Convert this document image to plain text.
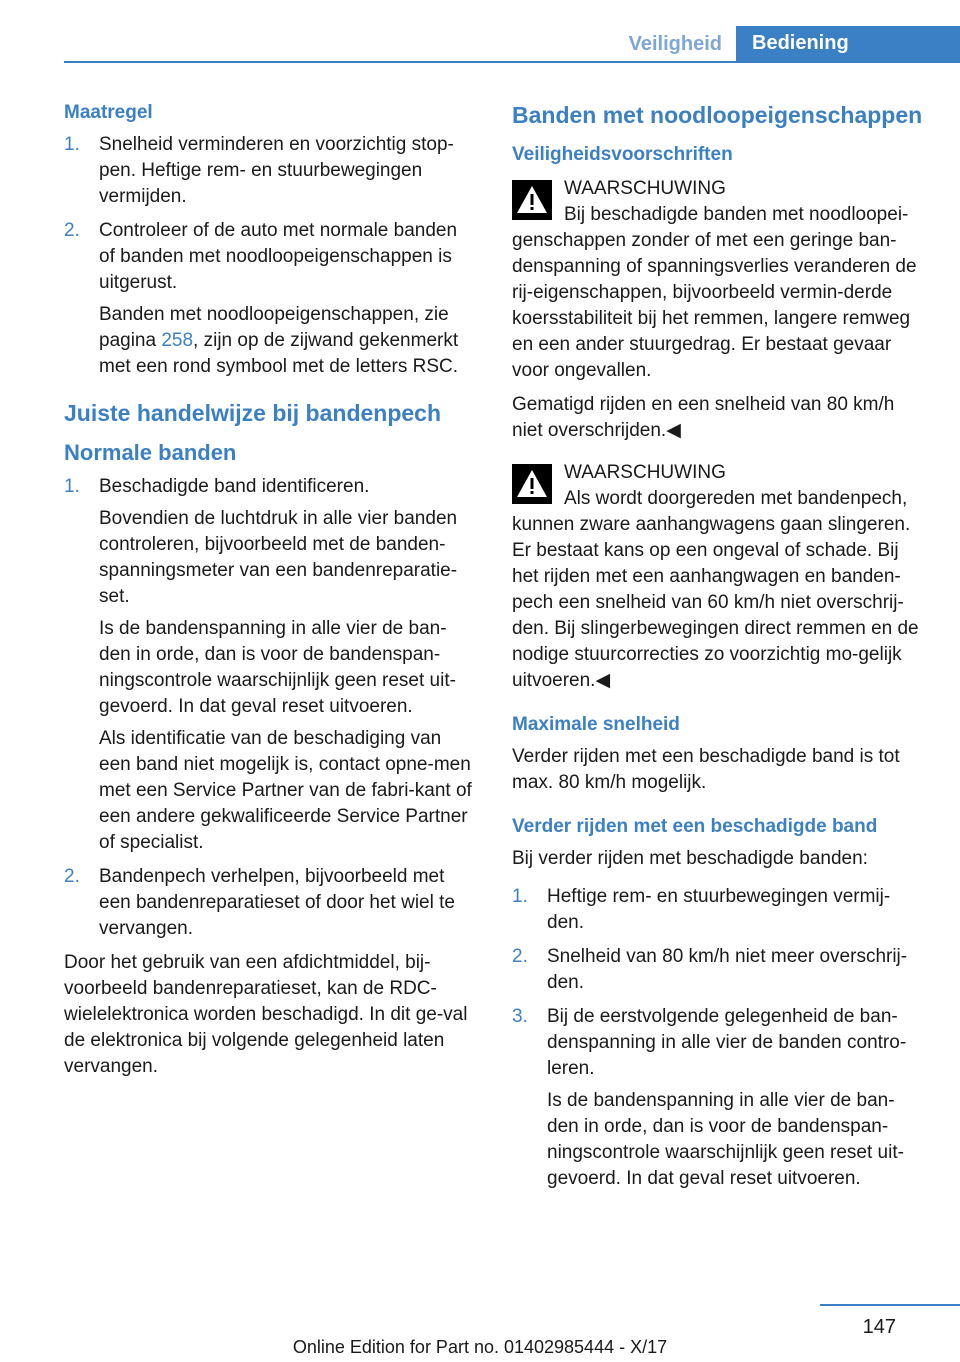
Veiligheid	Bediening
Maatregel
1. Snelheid verminderen en voorzichtig stop-pen. Heftige rem- en stuurbewegingen vermijden.
2. Controleer of de auto met normale banden of banden met noodloopeigenschappen is uitgerust.
Banden met noodloopeigenschappen, zie pagina 258, zijn op de zijwand gekenmerkt met een rond symbool met de letters RSC.
Juiste handelwijze bij bandenpech
Normale banden
1. Beschadigde band identificeren.
Bovendien de luchtdruk in alle vier banden controleren, bijvoorbeeld met de banden-spanningsmeter van een bandenreparatie-set.
Is de bandenspanning in alle vier de ban-den in orde, dan is voor de bandenspan-ningscontrole waarschijnlijk geen reset uit-gevoerd. In dat geval reset uitvoeren.
Als identificatie van de beschadiging van een band niet mogelijk is, contact opne-men met een Service Partner van de fabri-kant of een andere gekwalificeerde Service Partner of specialist.
2. Bandenpech verhelpen, bijvoorbeeld met een bandenreparatieset of door het wiel te vervangen.
Door het gebruik van een afdichtmiddel, bij-voorbeeld bandenreparatieset, kan de RDC-wielelektronica worden beschadigd. In dit ge-val de elektronica bij volgende gelegenheid laten vervangen.
Banden met noodloopeigenschappen
Veiligheidsvoorschriften
WAARSCHUWING
Bij beschadigde banden met noodloopei-genschappen zonder of met een geringe ban-denspanning of spanningsverlies veranderen de rij-eigenschappen, bijvoorbeeld vermin-derde koersstabiliteit bij het remmen, langere remweg en een ander stuurgedrag. Er bestaat gevaar voor ongevallen.
Gematigd rijden en een snelheid van 80 km/h niet overschrijden.◀
WAARSCHUWING
Als wordt doorgereden met bandenpech, kunnen zware aanhangwagens gaan slingeren. Er bestaat kans op een ongeval of schade. Bij het rijden met een aanhangwagen en banden-pech een snelheid van 60 km/h niet overschrij-den. Bij slingerbewegingen direct remmen en de nodige stuurcorrecties zo voorzichtig mo-gelijk uitvoeren.◀
Maximale snelheid
Verder rijden met een beschadigde band is tot max. 80 km/h mogelijk.
Verder rijden met een beschadigde band
Bij verder rijden met beschadigde banden:
1. Heftige rem- en stuurbewegingen vermij-den.
2. Snelheid van 80 km/h niet meer overschrij-den.
3. Bij de eerstvolgende gelegenheid de ban-denspanning in alle vier de banden contro-leren.
Is de bandenspanning in alle vier de ban-den in orde, dan is voor de bandenspan-ningscontrole waarschijnlijk geen reset uit-gevoerd. In dat geval reset uitvoeren.
147
Online Edition for Part no. 01402985444 - X/17
